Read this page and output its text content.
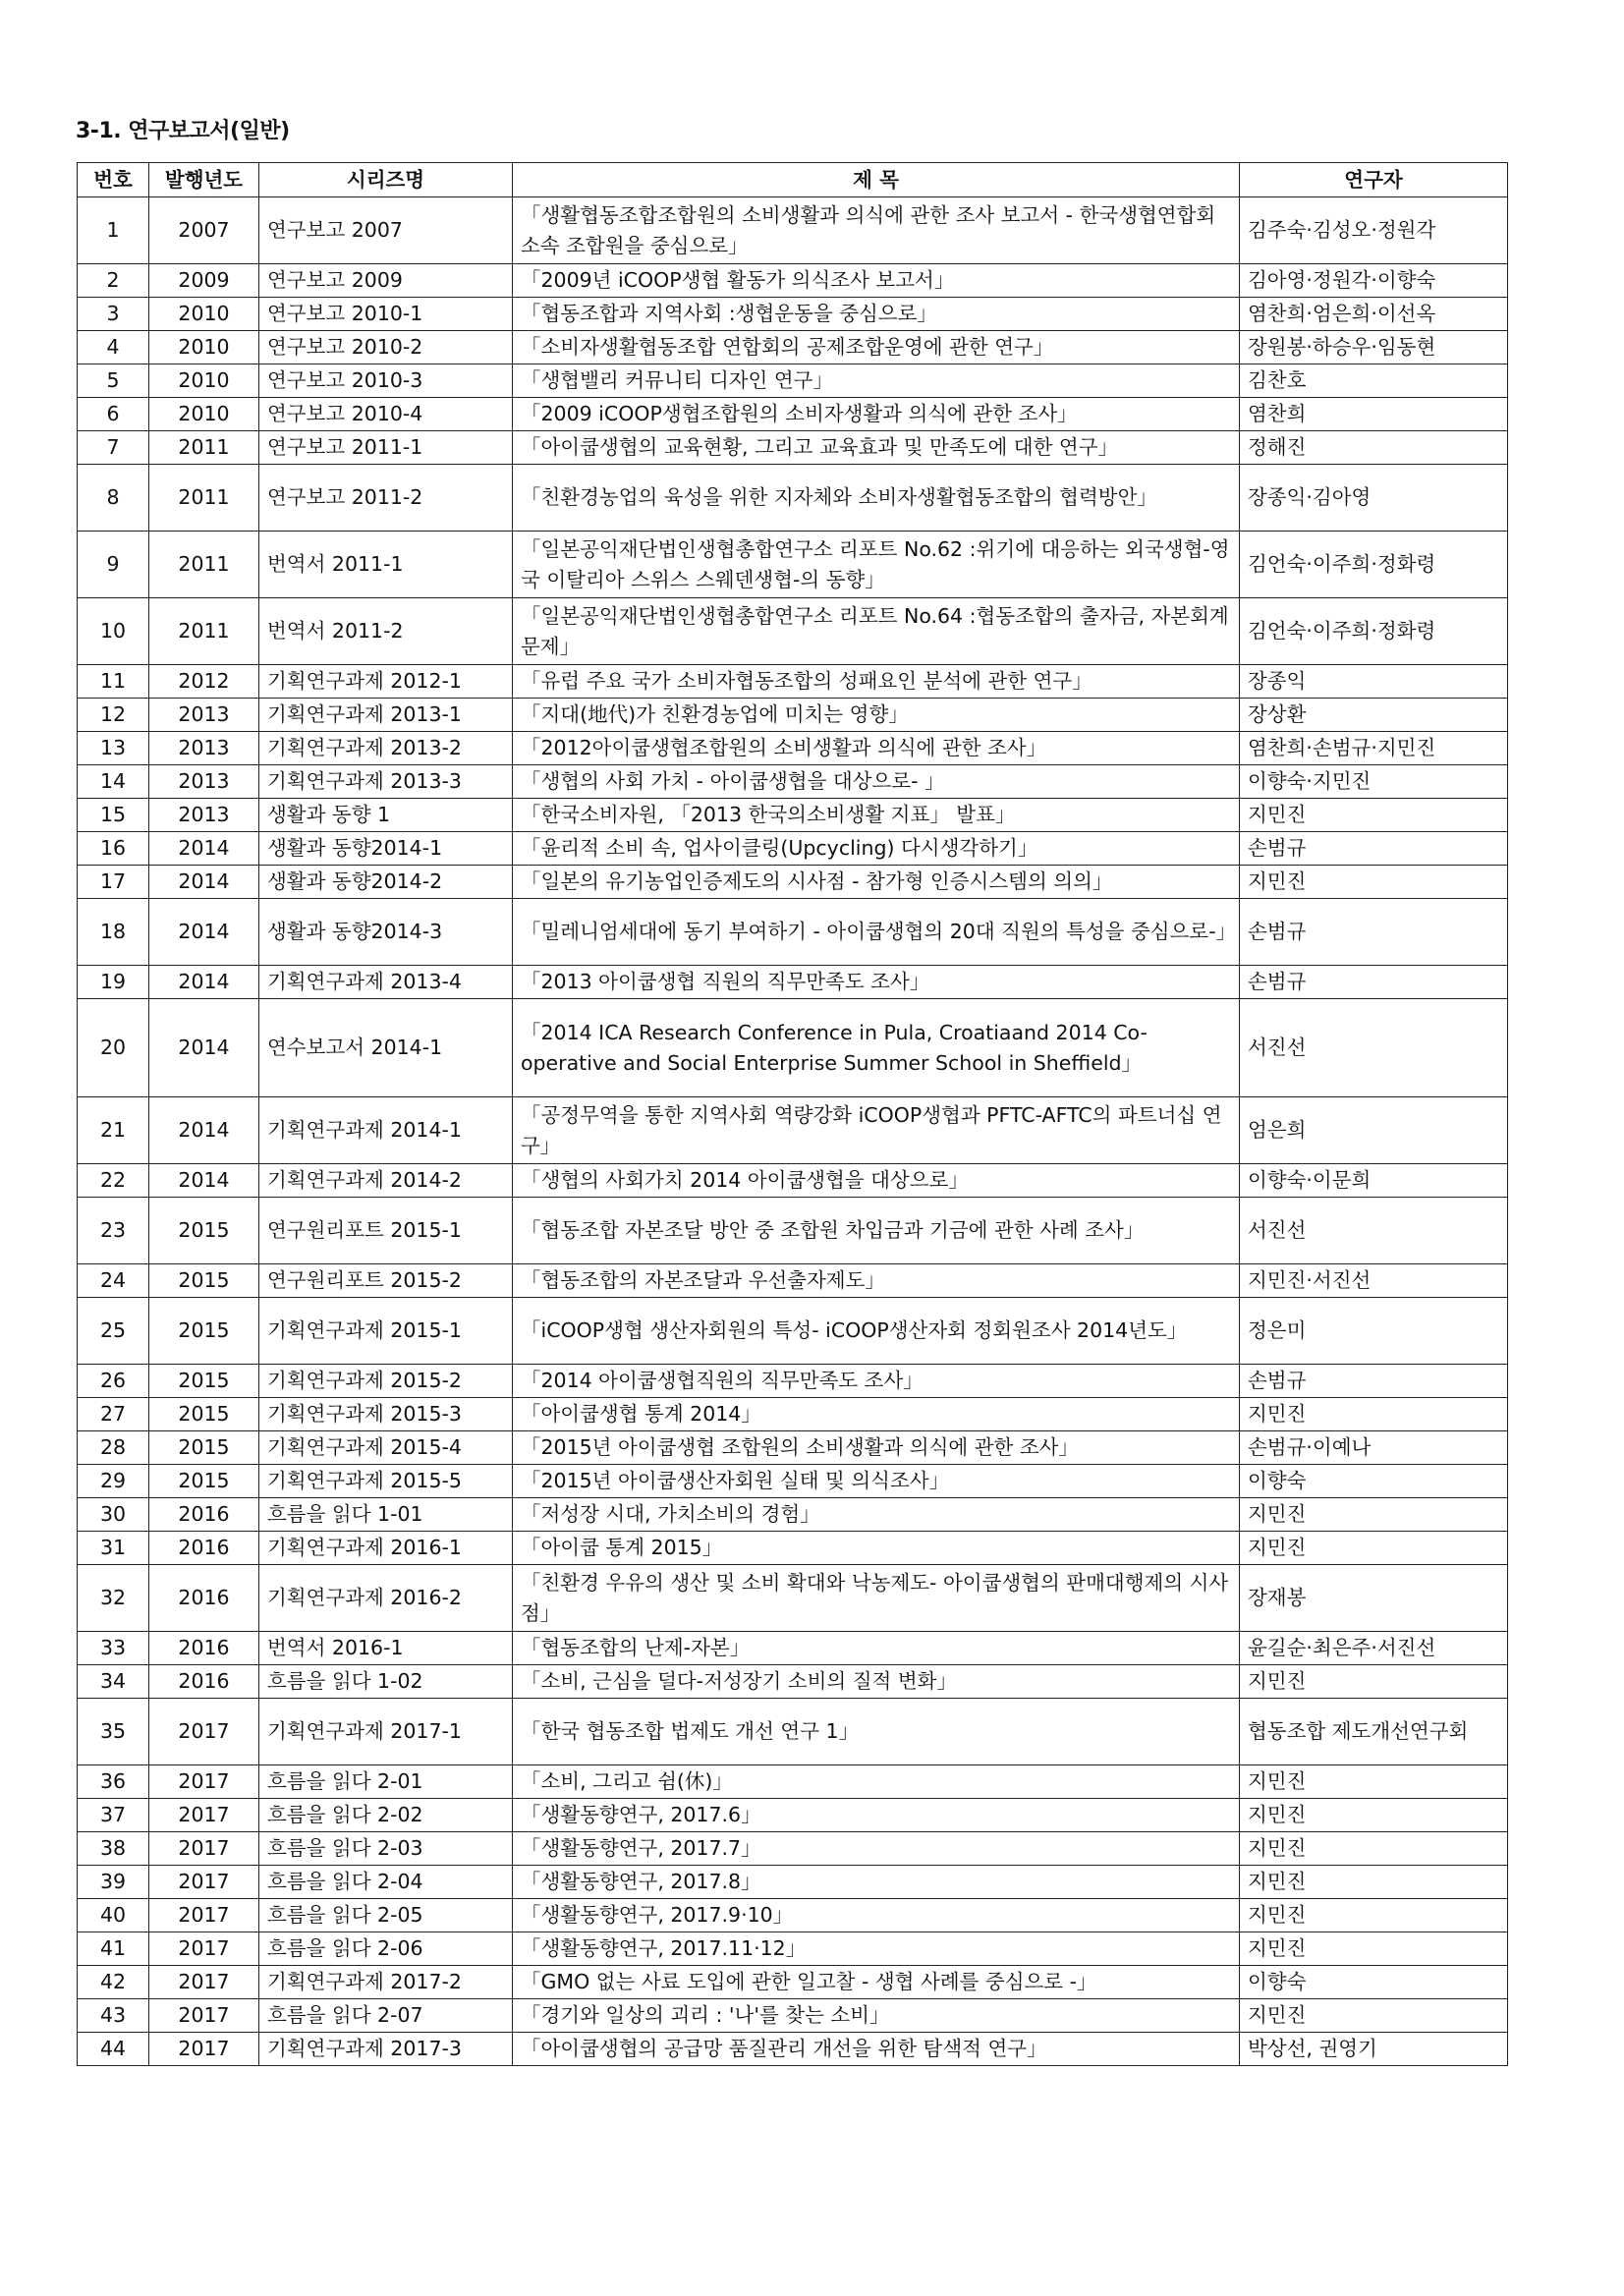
3-1. 연구보고서(일반)
번호	발행년도	시리즈명	제 목	연구자
1	2007	연구보고 2007	「생활협동조합조합원의 소비생활과 의식에 관한 조사 보고서 - 한국생협연합회 소속 조합원을 중심으로」	김주숙·김성오·정원각
2	2009	연구보고 2009	「2009년 iCOOP생협 활동가 의식조사 보고서」	김아영·정원각·이향숙
3	2010	연구보고 2010-1	「협동조합과 지역사회 :생협운동을 중심으로」	염찬희·엄은희·이선옥
4	2010	연구보고 2010-2	「소비자생활협동조합 연합회의 공제조합운영에 관한 연구」	장원봉·하승우·임동현
5	2010	연구보고 2010-3	「생협밸리 커뮤니티 디자인 연구」	김찬호
6	2010	연구보고 2010-4	「2009 iCOOP생협조합원의 소비자생활과 의식에 관한 조사」	염찬희
7	2011	연구보고 2011-1	「아이쿱생협의 교육현황, 그리고 교육효과 및 만족도에 대한 연구」	정해진
8	2011	연구보고 2011-2	「친환경농업의 육성을 위한 지자체와 소비자생활협동조합의 협력방안」	장종익·김아영
9	2011	번역서 2011-1	「일본공익재단법인생협총합연구소 리포트 No.62 :위기에 대응하는 외국생협-영국 이탈리아 스위스 스웨덴생협-의 동향」	김언숙·이주희·정화령
10	2011	번역서 2011-2	「일본공익재단법인생협총합연구소 리포트 No.64 :협동조합의 출자금, 자본회계 문제」	김언숙·이주희·정화령
11	2012	기획연구과제 2012-1	「유럽 주요 국가 소비자협동조합의 성패요인 분석에 관한 연구」	장종익
12	2013	기획연구과제 2013-1	「지대(地代)가 친환경농업에 미치는 영향」	장상환
13	2013	기획연구과제 2013-2	「2012아이쿱생협조합원의 소비생활과 의식에 관한 조사」	염찬희·손범규·지민진
14	2013	기획연구과제 2013-3	「생협의 사회 가치 - 아이쿱생협을 대상으로- 」	이향숙·지민진
15	2013	생활과 동향 1	「한국소비자원, 「2013 한국의소비생활 지표」 발표」	지민진
16	2014	생활과 동향2014-1	「윤리적 소비 속, 업사이클링(Upcycling) 다시생각하기」	손범규
17	2014	생활과 동향2014-2	「일본의 유기농업인증제도의 시사점 - 참가형 인증시스템의 의의」	지민진
18	2014	생활과 동향2014-3	「밀레니엄세대에 동기 부여하기 - 아이쿱생협의 20대 직원의 특성을 중심으로-」	손범규
19	2014	기획연구과제 2013-4	「2013 아이쿱생협 직원의 직무만족도 조사」	손범규
20	2014	연수보고서 2014-1	「2014 ICA Research Conference in Pula, Croatiaand 2014 Co-operative and Social Enterprise Summer School in Sheffield」	서진선
21	2014	기획연구과제 2014-1	「공정무역을 통한 지역사회 역량강화 iCOOP생협과 PFTC-AFTC의 파트너십 연구」	엄은희
22	2014	기획연구과제 2014-2	「생협의 사회가치 2014 아이쿱생협을 대상으로」	이향숙·이문희
23	2015	연구원리포트 2015-1	「협동조합 자본조달 방안 중 조합원 차입금과 기금에 관한 사례 조사」	서진선
24	2015	연구원리포트 2015-2	「협동조합의 자본조달과 우선출자제도」	지민진·서진선
25	2015	기획연구과제 2015-1	「iCOOP생협 생산자회원의 특성- iCOOP생산자회 정회원조사 2014년도」	정은미
26	2015	기획연구과제 2015-2	「2014 아이쿱생협직원의 직무만족도 조사」	손범규
27	2015	기획연구과제 2015-3	「아이쿱생협 통계 2014」	지민진
28	2015	기획연구과제 2015-4	「2015년 아이쿱생협 조합원의 소비생활과 의식에 관한 조사」	손범규·이예나
29	2015	기획연구과제 2015-5	「2015년 아이쿱생산자회원 실태 및 의식조사」	이향숙
30	2016	흐름을 읽다 1-01	「저성장 시대, 가치소비의 경험」	지민진
31	2016	기획연구과제 2016-1	「아이쿱 통계 2015」	지민진
32	2016	기획연구과제 2016-2	「친환경 우유의 생산 및 소비 확대와 낙농제도- 아이쿱생협의 판매대행제의 시사점」	장재봉
33	2016	번역서 2016-1	「협동조합의 난제-자본」	윤길순·최은주·서진선
34	2016	흐름을 읽다 1-02	「소비, 근심을 덜다-저성장기 소비의 질적 변화」	지민진
35	2017	기획연구과제 2017-1	「한국 협동조합 법제도 개선 연구 1」	협동조합 제도개선연구회
36	2017	흐름을 읽다 2-01	「소비, 그리고 쉼(休)」	지민진
37	2017	흐름을 읽다 2-02	「생활동향연구, 2017.6」	지민진
38	2017	흐름을 읽다 2-03	「생활동향연구, 2017.7」	지민진
39	2017	흐름을 읽다 2-04	「생활동향연구, 2017.8」	지민진
40	2017	흐름을 읽다 2-05	「생활동향연구, 2017.9·10」	지민진
41	2017	흐름을 읽다 2-06	「생활동향연구, 2017.11·12」	지민진
42	2017	기획연구과제 2017-2	「GMO 없는 사료 도입에 관한 일고찰 - 생협 사례를 중심으로 -」	이향숙
43	2017	흐름을 읽다 2-07	「경기와 일상의 괴리 : '나'를 찾는 소비」	지민진
44	2017	기획연구과제 2017-3	「아이쿱생협의 공급망 품질관리 개선을 위한 탐색적 연구」	박상선, 권영기
